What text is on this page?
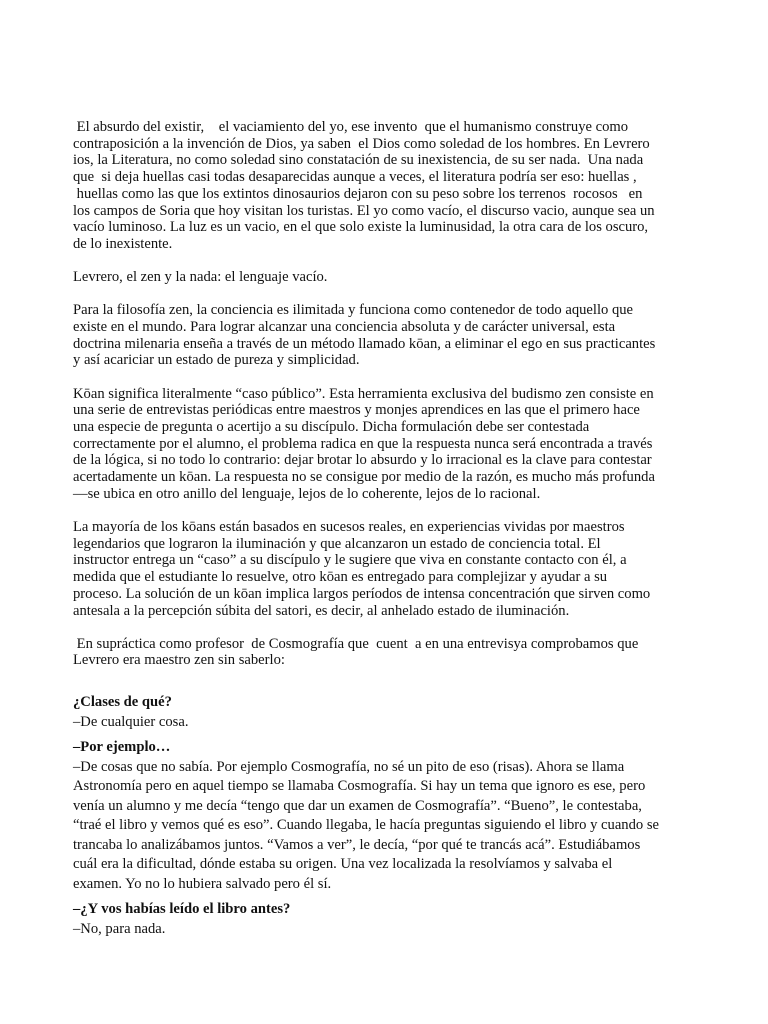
El absurdo del existir,    el vaciamiento del yo, ese invento  que el humanismo construye como
contraposición a la invención de Dios, ya saben  el Dios como soledad de los hombres. En Levrero
ios, la Literatura, no como soledad sino constatación de su inexistencia, de su ser nada.  Una nada
que  si deja huellas casi todas desaparecidas aunque a veces, el literatura podría ser eso: huellas ,
huellas como las que los extintos dinosaurios dejaron con su peso sobre los terrenos  rocosos   en
los campos de Soria que hoy visitan los turistas. El yo como vacío, el discurso vacio, aunque sea un
vacío luminoso. La luz es un vacio, en el que solo existe la luminusidad, la otra cara de los oscuro,
de lo inexistente.

Levrero, el zen y la nada: el lenguaje vacío.

Para la filosofía zen, la conciencia es ilimitada y funciona como contenedor de todo aquello que
existe en el mundo. Para lograr alcanzar una conciencia absoluta y de carácter universal, esta
doctrina milenaria enseña a través de un método llamado kōan, a eliminar el ego en sus practicantes
y así acariciar un estado de pureza y simplicidad.

Kōan significa literalmente “caso público”. Esta herramienta exclusiva del budismo zen consiste en
una serie de entrevistas periódicas entre maestros y monjes aprendices en las que el primero hace
una especie de pregunta o acertijo a su discípulo. Dicha formulación debe ser contestada
correctamente por el alumno, el problema radica en que la respuesta nunca será encontrada a través
de la lógica, si no todo lo contrario: dejar brotar lo absurdo y lo irracional es la clave para contestar
acertadamente un kōan. La respuesta no se consigue por medio de la razón, es mucho más profunda
—se ubica en otro anillo del lenguaje, lejos de lo coherente, lejos de lo racional.

La mayoría de los kōans están basados en sucesos reales, en experiencias vividas por maestros
legendarios que lograron la iluminación y que alcanzaron un estado de conciencia total. El
instructor entrega un “caso” a su discípulo y le sugiere que viva en constante contacto con él, a
medida que el estudiante lo resuelve, otro kōan es entregado para complejizar y ayudar a su
proceso. La solución de un kōan implica largos períodos de intensa concentración que sirven como
antesala a la percepción súbita del satori, es decir, al anhelado estado de iluminación.

En supráctica como profesor  de Cosmografía que  cuent  a en una entrevisya comprobamos que
Levrero era maestro zen sin saberlo:

¿Clases de qué?
–De cualquier cosa.
–Por ejemplo…
–De cosas que no sabía. Por ejemplo Cosmografía, no sé un pito de eso (risas). Ahora se llama
Astronomía pero en aquel tiempo se llamaba Cosmografía. Si hay un tema que ignoro es ese, pero
venía un alumno y me decía “tengo que dar un examen de Cosmografía”. “Bueno”, le contestaba,
“traé el libro y vemos qué es eso”. Cuando llegaba, le hacía preguntas siguiendo el libro y cuando se
trancaba lo analizábamos juntos. “Vamos a ver”, le decía, “por qué te trancás acá”. Estudiábamos
cuál era la dificultad, dónde estaba su origen. Una vez localizada la resolvíamos y salvaba el
examen. Yo no lo hubiera salvado pero él sí.
–¿Y vos habías leído el libro antes?
–No, para nada.
